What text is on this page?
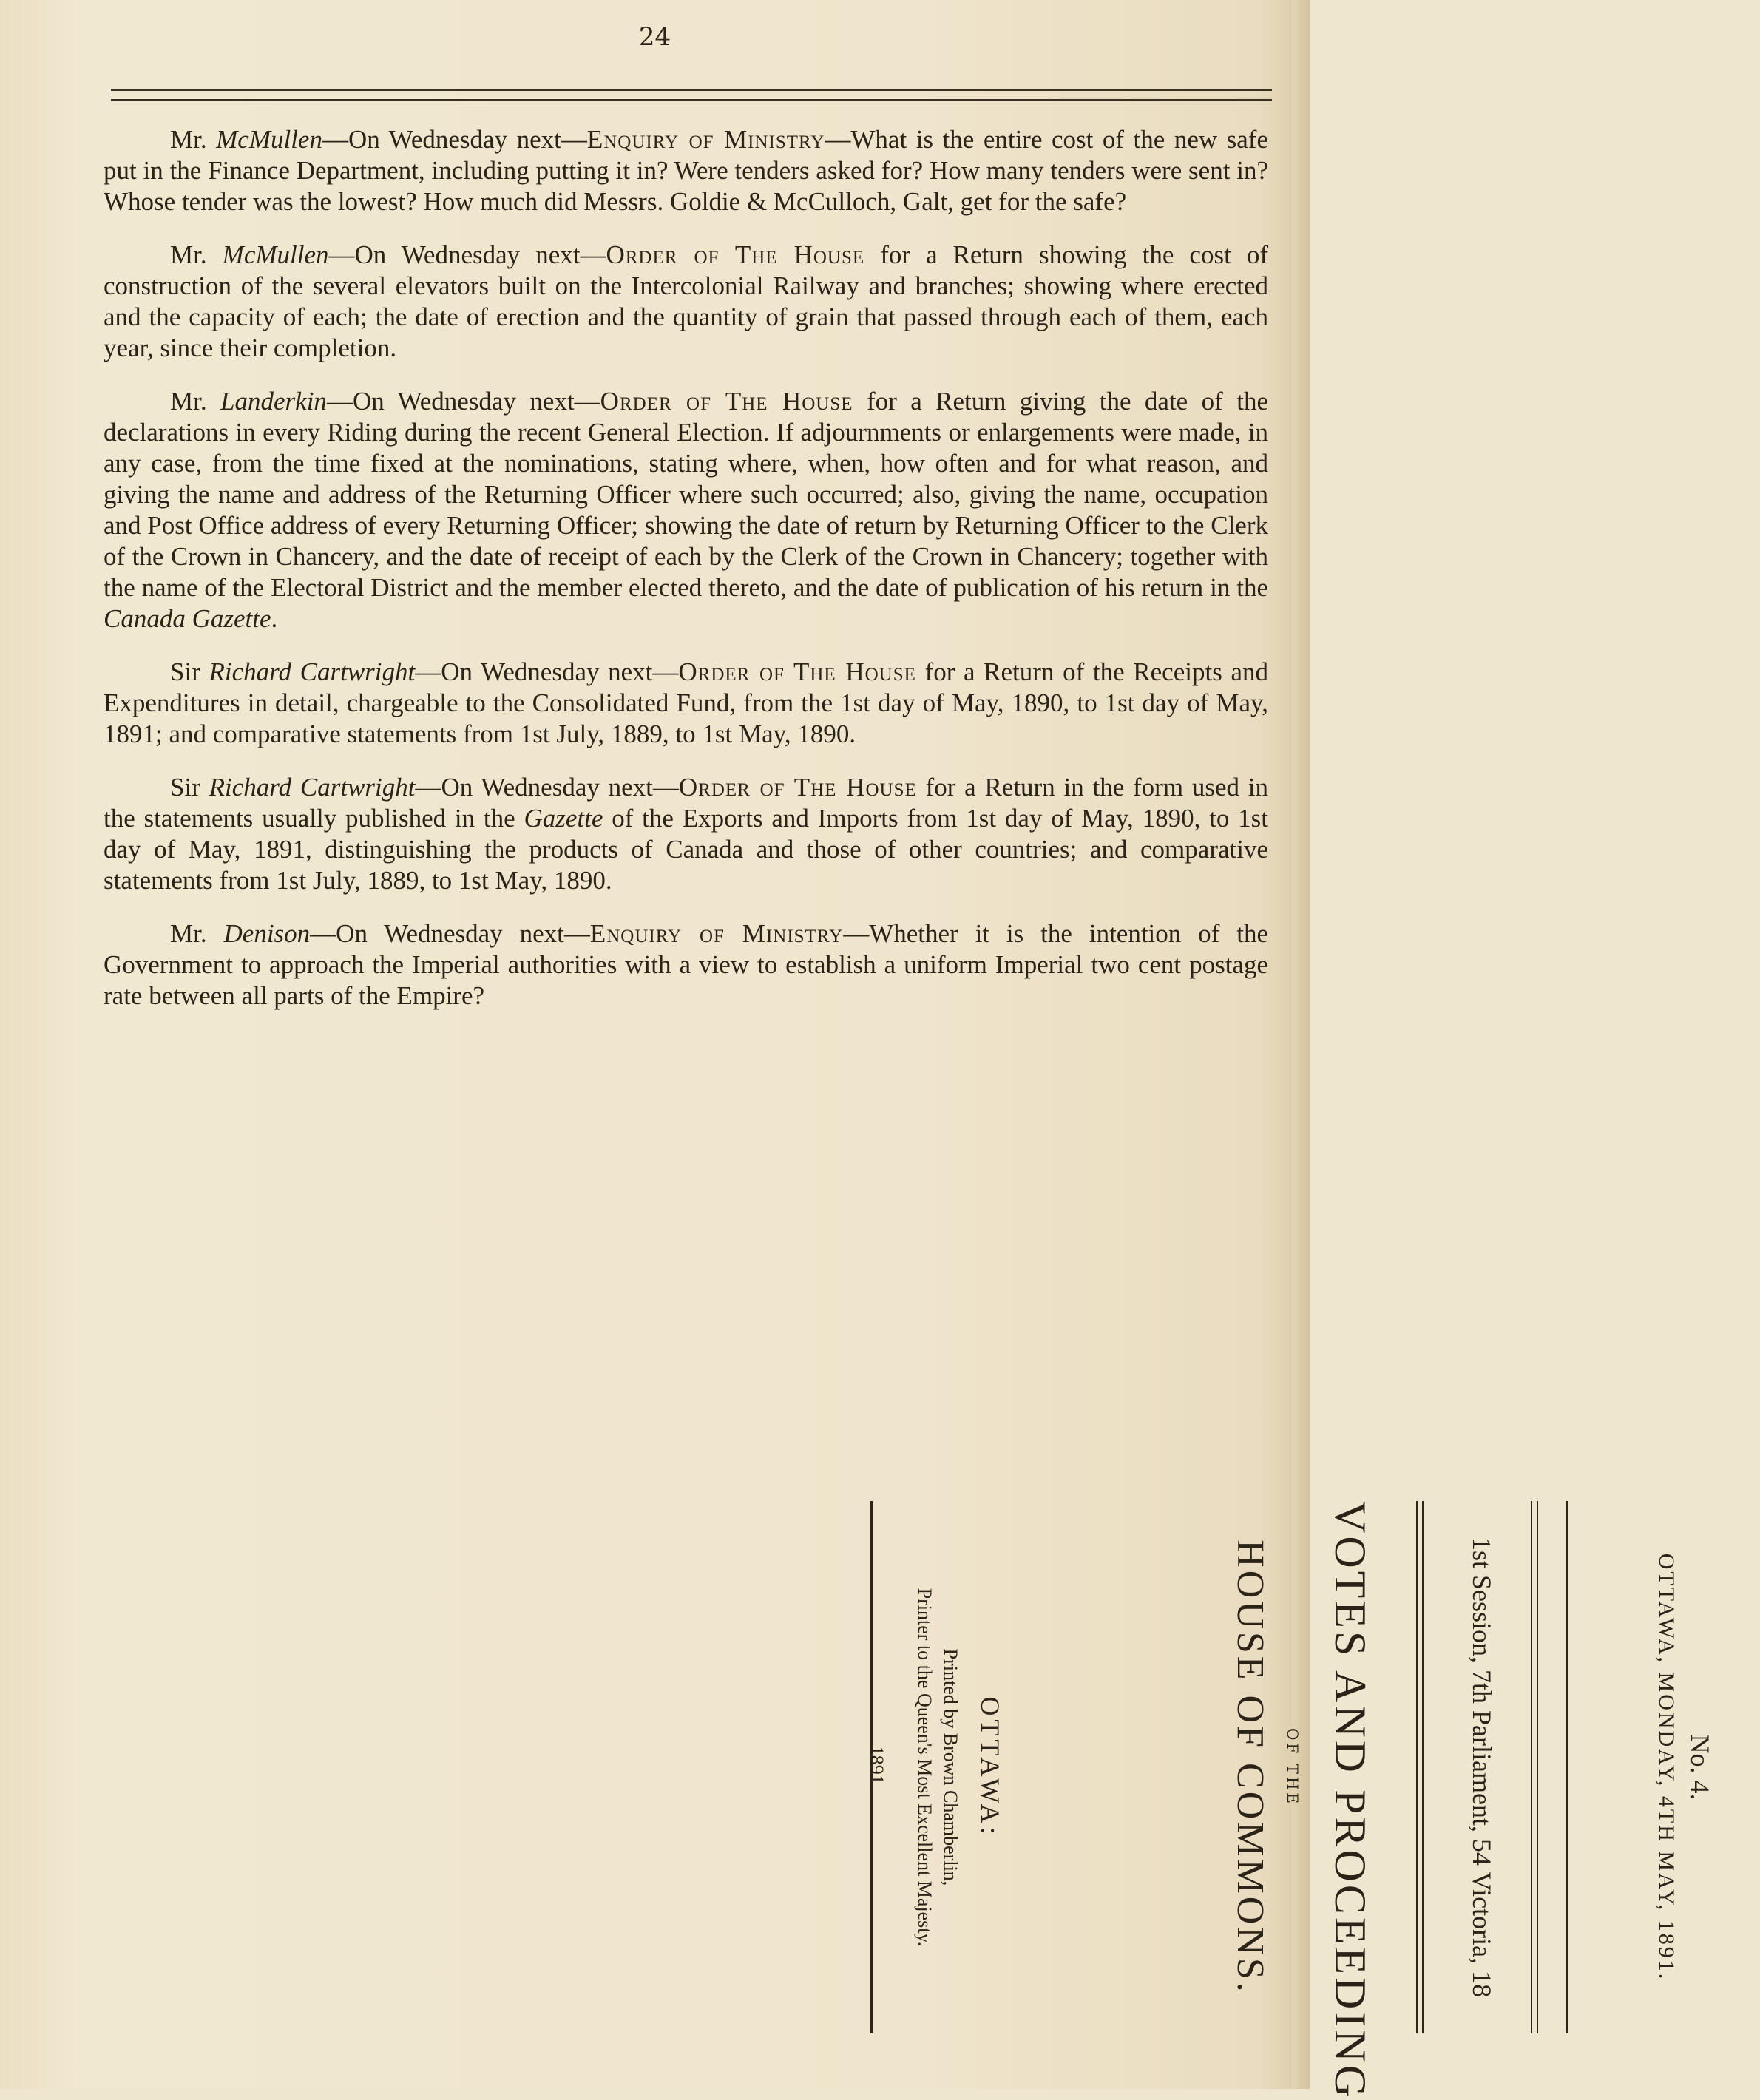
24

Mr. McMullen—On Wednesday next—Enquiry of Ministry—What is the entire cost of the new safe put in the Finance Department, including putting it in? Were tenders asked for? How many tenders were sent in? Whose tender was the lowest? How much did Messrs. Goldie & McCulloch, Galt, get for the safe?

Mr. McMullen—On Wednesday next—Order of The House for a Return showing the cost of construction of the several elevators built on the Intercolonial Railway and branches; showing where erected and the capacity of each; the date of erection and the quantity of grain that passed through each of them, each year, since their completion.

Mr. Landerkin—On Wednesday next—Order of The House for a Return giving the date of the declarations in every Riding during the recent General Election. If adjournments or enlargements were made, in any case, from the time fixed at the nominations, stating where, when, how often and for what reason, and giving the name and address of the Returning Officer where such occurred; also, giving the name, occupation and Post Office address of every Returning Officer; showing the date of return by Returning Officer to the Clerk of the Crown in Chancery, and the date of receipt of each by the Clerk of the Crown in Chancery; together with the name of the Electoral District and the member elected thereto, and the date of publication of his return in the Canada Gazette.

Sir Richard Cartwright—On Wednesday next—Order of The House for a Return of the Receipts and Expenditures in detail, chargeable to the Consolidated Fund, from the 1st day of May, 1890, to 1st day of May, 1891; and comparative statements from 1st July, 1889, to 1st May, 1890.

Sir Richard Cartwright—On Wednesday next—Order of The House for a Return in the form used in the statements usually published in the Gazette of the Exports and Imports from 1st day of May, 1890, to 1st day of May, 1891, distinguishing the products of Canada and those of other countries; and comparative statements from 1st July, 1889, to 1st May, 1890.

Mr. Denison—On Wednesday next—Enquiry of Ministry—Whether it is the intention of the Government to approach the Imperial authorities with a view to establish a uniform Imperial two cent postage rate between all parts of the Empire?

No. 4.
OTTAWA, MONDAY, 4TH MAY, 1891.
1st Session, 7th Parliament, 54 Victoria, 18
VOTES AND PROCEEDING
OF THE
HOUSE OF COMMONS.
OTTAWA:
Printed by Brown Chamberlin,
Printer to the Queen's Most Excellent Majesty.
1891.
